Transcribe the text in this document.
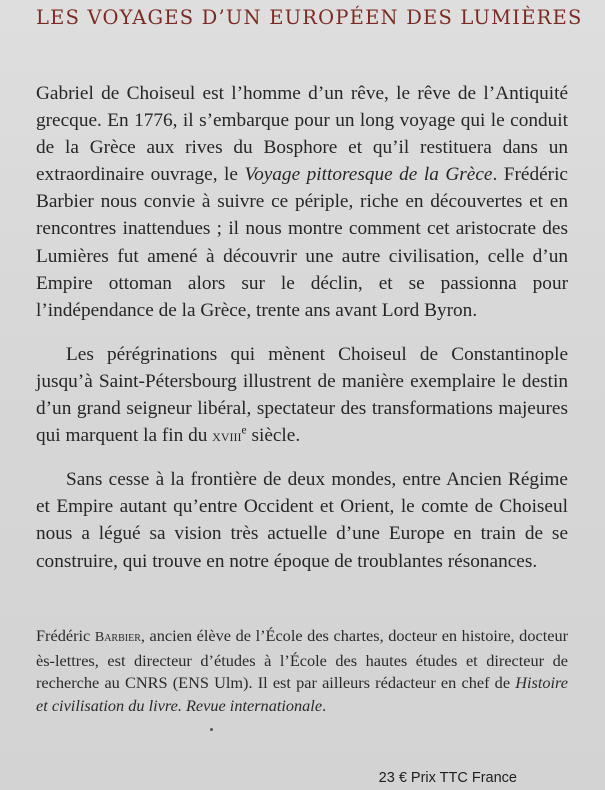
LES VOYAGES D’UN EUROPÉEN DES LUMIÈRES

Gabriel de Choiseul est l’homme d’un rêve, le rêve de l’Antiquité grecque. En 1776, il s’embarque pour un long voyage qui le conduit de la Grèce aux rives du Bosphore et qu’il restituera dans un extraordinaire ouvrage, le Voyage pittoresque de la Grèce. Frédéric Barbier nous convie à suivre ce périple, riche en découvertes et en rencontres inattendues ; il nous montre comment cet aristocrate des Lumières fut amené à découvrir une autre civilisation, celle d’un Empire ottoman alors sur le déclin, et se passionna pour l’indépendance de la Grèce, trente ans avant Lord Byron.

Les pérégrinations qui mènent Choiseul de Constantinople jusqu’à Saint-Pétersbourg illustrent de manière exemplaire le destin d’un grand seigneur libéral, spectateur des transformations majeures qui marquent la fin du xviii$^e$ siècle.

Sans cesse à la frontière de deux mondes, entre Ancien Régime et Empire autant qu’entre Occident et Orient, le comte de Choiseul nous a légué sa vision très actuelle d’une Europe en train de se construire, qui trouve en notre époque de troublantes résonances.

Frédéric Barbier, ancien élève de l’École des chartes, docteur en histoire, docteur ès-lettres, est directeur d’études à l’École des hautes études et directeur de recherche au CNRS (ENS Ulm). Il est par ailleurs rédacteur en chef de Histoire et civilisation du livre. Revue internationale.

23 € Prix TTC France
